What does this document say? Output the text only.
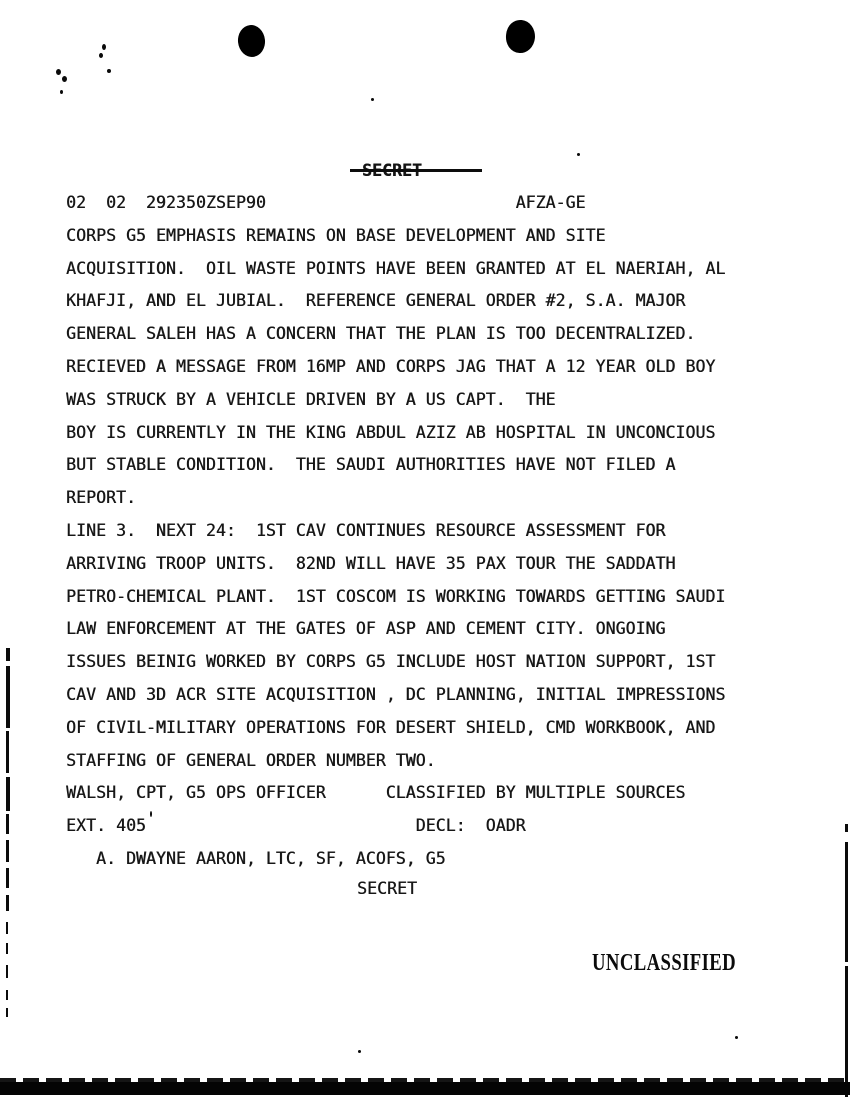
02  02  292350ZSEP90                         AFZA-GE
CORPS G5 EMPHASIS REMAINS ON BASE DEVELOPMENT AND SITE
ACQUISITION.  OIL WASTE POINTS HAVE BEEN GRANTED AT EL NAERIAH, AL
KHAFJI, AND EL JUBIAL.  REFERENCE GENERAL ORDER #2, S.A. MAJOR
GENERAL SALEH HAS A CONCERN THAT THE PLAN IS TOO DECENTRALIZED.
RECIEVED A MESSAGE FROM 16MP AND CORPS JAG THAT A 12 YEAR OLD BOY
WAS STRUCK BY A VEHICLE DRIVEN BY A US CAPT.  THE
BOY IS CURRENTLY IN THE KING ABDUL AZIZ AB HOSPITAL IN UNCONCIOUS
BUT STABLE CONDITION.  THE SAUDI AUTHORITIES HAVE NOT FILED A
REPORT.
LINE 3.  NEXT 24:  1ST CAV CONTINUES RESOURCE ASSESSMENT FOR
ARRIVING TROOP UNITS.  82ND WILL HAVE 35 PAX TOUR THE SADDATH
PETRO-CHEMICAL PLANT.  1ST COSCOM IS WORKING TOWARDS GETTING SAUDI
LAW ENFORCEMENT AT THE GATES OF ASP AND CEMENT CITY. ONGOING
ISSUES BEINIG WORKED BY CORPS G5 INCLUDE HOST NATION SUPPORT, 1ST
CAV AND 3D ACR SITE ACQUISITION , DC PLANNING, INITIAL IMPRESSIONS
OF CIVIL-MILITARY OPERATIONS FOR DESERT SHIELD, CMD WORKBOOK, AND
STAFFING OF GENERAL ORDER NUMBER TWO.
WALSH, CPT, G5 OPS OFFICER      CLASSIFIED BY MULTIPLE SOURCES
EXT. 405                           DECL:  OADR
A. DWAYNE AARON, LTC, SF, ACOFS, G5
SECRET
UNCLASSIFIED
